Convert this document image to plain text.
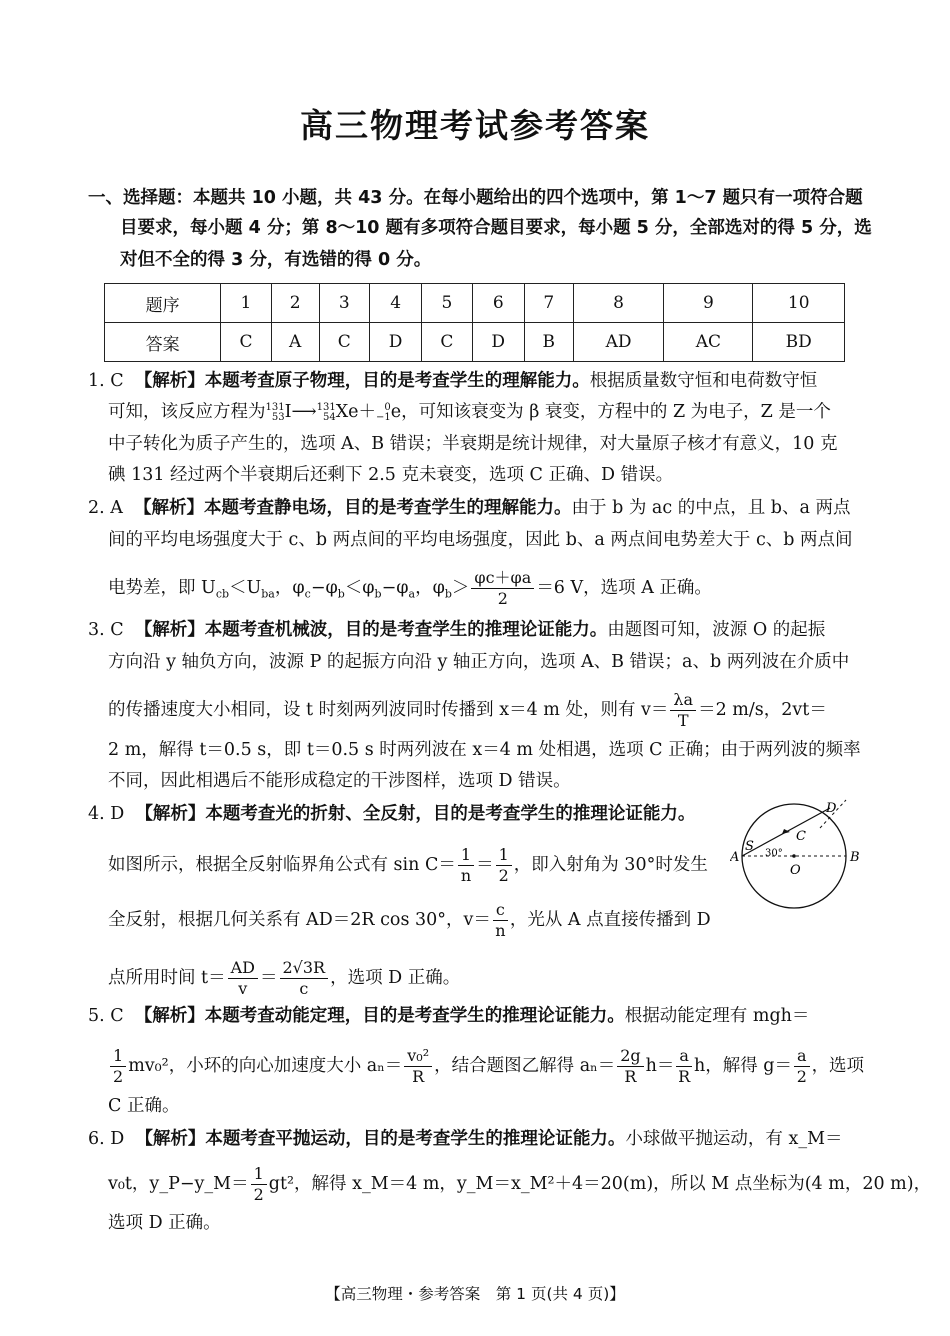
高三物理考试参考答案
一、选择题：本题共 10 小题，共 43 分。在每小题给出的四个选项中，第 1～7 题只有一项符合题
目要求，每小题 4 分；第 8～10 题有多项符合题目要求，每小题 5 分，全部选对的得 5 分，选
对但不全的得 3 分，有选错的得 0 分。
题序	1	2	3	4	5	6	7	8	9	10
答案	C	A	C	D	C	D	B	AD	AC	BD
1. C 【解析】本题考查原子物理，目的是考查学生的理解能力。根据质量数守恒和电荷数守恒
可知，该反应方程为131
53I⟶131
54Xe＋ 0
−1e，可知该衰变为 β 衰变，方程中的 Z 为电子，Z 是一个
中子转化为质子产生的，选项 A、B 错误；半衰期是统计规律，对大量原子核才有意义，10 克
碘 131 经过两个半衰期后还剩下 2.5 克未衰变，选项 C 正确、D 错误。
2. A 【解析】本题考查静电场，目的是考查学生的理解能力。由于 b 为 ac 的中点，且 b、a 两点
间的平均电场强度大于 c、b 两点间的平均电场强度，因此 b、a 两点间电势差大于 c、b 两点间
电势差，即 $U_{cb}<U_{ba}$，$\varphi_c-\varphi_b<\varphi_b-\varphi_a$，$\varphi_b> \frac{\varphi c+\varphi a}{2} =6$ V，选项 A 正确。
3. C 【解析】本题考查机械波，目的是考查学生的推理论证能力。由题图可知，波源 O 的起振
方向沿 y 轴负方向，波源 P 的起振方向沿 y 轴正方向，选项 A、B 错误；a、b 两列波在介质中
的传播速度大小相同，设 t 时刻两列波同时传播到 x＝4 m 处，则有 $v= \frac{\lambda a}{T} =2$ m/s，2vt＝
2 m，解得 t＝0.5 s，即 t＝0.5 s 时两列波在 x＝4 m 处相遇，选项 C 正确；由于两列波的频率
不同，因此相遇后不能形成稳定的干涉图样，选项 D 错误。
4. D 【解析】本题考查光的折射、全反射，目的是考查学生的推理论证能力。
如图所示，根据全反射临界角公式有 $\sin C= \frac{1}{n} = \frac{1}{2}$ ，即入射角为 30°时发生
全反射，根据几何关系有 AD＝2R cos 30°，$v= \frac{c}{n}$ ，光从 A 点直接传播到 D
点所用时间 $t= \frac{AD}{v} = \frac{2√3R}{c}$ ，选项 D 正确。
A	B
C
D
S
O
30°
5. C 【解析】本题考查动能定理，目的是考查学生的推理论证能力。根据动能定理有 mgh＝
$\frac{1}{2} mv_0^2$，小环的向心加速度大小 $a_n= \frac{\text{v₀²}}{R}$ ，结合题图乙解得 $a_n= \frac{2g}{R} h= \frac{a}{R}$ h，解得 $g= \frac{a}{2}$ ，选项
C 正确。
6. D 【解析】本题考查平抛运动，目的是考查学生的推理论证能力。小球做平抛运动，有 x_M＝
v₀t，y_P−y_M＝ $\frac{1}{2} gt^2$，解得 x_M＝4 m，y_M＝x_M²＋4＝20(m)，所以 M 点坐标为(4 m，20 m)，
选项 D 正确。
【高三物理・参考答案　第 1 页(共 4 页)】
